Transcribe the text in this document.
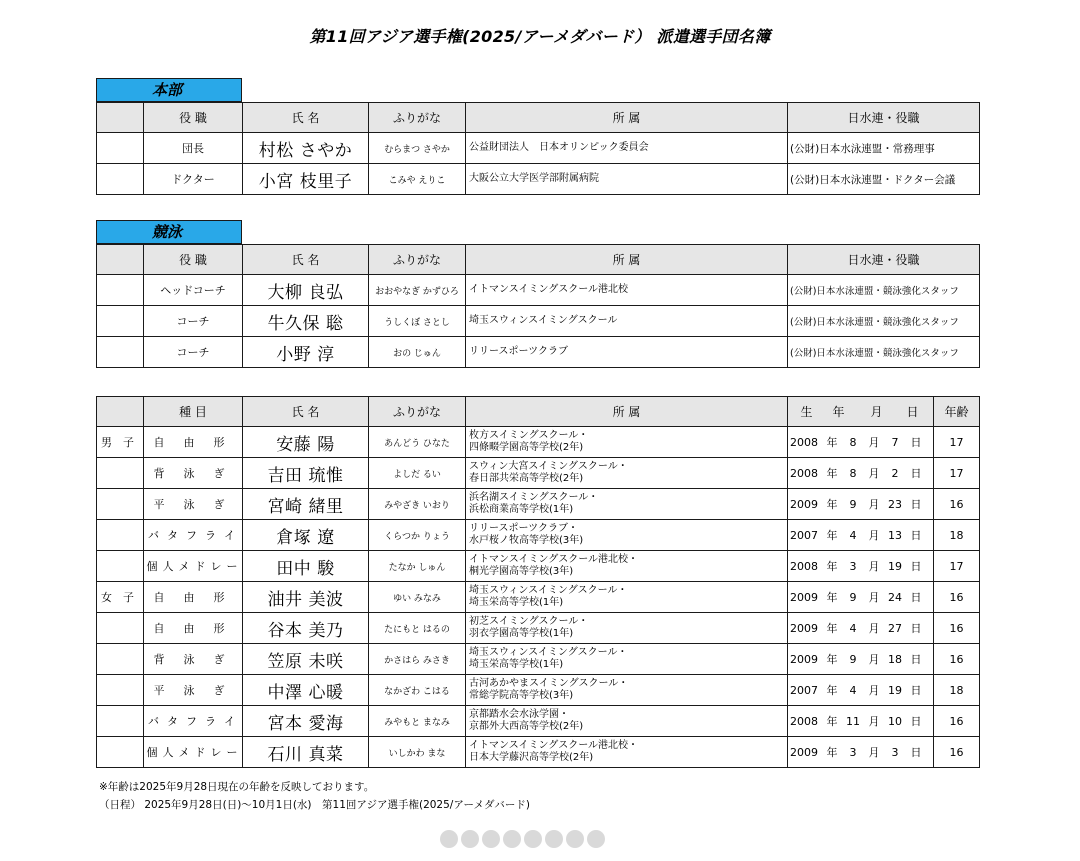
第11回アジア選手権(2025/アーメダバード） 派遣選手団名簿
本部
	役 職	氏 名	ふりがな	所 属	日水連・役職
	団長	村松 さやか	むらまつ さやか	公益財団法人　日本オリンピック委員会	(公財)日本水泳連盟・常務理事
	ドクター	小宮 枝里子	こみや えりこ	大阪公立大学医学部附属病院	(公財)日本水泳連盟・ドクター会議
競泳
	役 職	氏 名	ふりがな	所 属	日水連・役職
	ヘッドコーチ	大柳 良弘	おおやなぎ かずひろ	イトマンスイミングスクール港北校	(公財)日本水泳連盟・競泳強化スタッフ
	コーチ	牛久保 聡	うしくぼ さとし	埼玉スウィンスイミングスクール	(公財)日本水泳連盟・競泳強化スタッフ
	コーチ	小野 淳	おの じゅん	リリースポーツクラブ	(公財)日本水泳連盟・競泳強化スタッフ
	種 目	氏 名	ふりがな	所 属	生 年 月 日	年齢
男　 子	自 由 形	安藤 陽	あんどう ひなた	枚方スイミングスクール・
四條畷学園高等学校(2年)	2008 年 8 月 7 日	17
　	背 泳 ぎ	吉田 琉惟	よしだ るい	スウィン大宮スイミングスクール・
春日部共栄高等学校(2年)	2008 年 8 月 2 日	17
　	平 泳 ぎ	宮崎 緒里	みやざき いおり	浜名湖スイミングスクール・
浜松商業高等学校(1年)	2009 年 9 月 23 日	16
　	バ タ フ ラ イ	倉塚 遼	くらつか りょう	リリースポーツクラブ・
水戸桜ノ牧高等学校(3年)	2007 年 4 月 13 日	18
　	個 人 メ ド レ ー	田中 駿	たなか しゅん	イトマンスイミングスクール港北校・
桐光学園高等学校(3年)	2008 年 3 月 19 日	17
女　 子	自 由 形	油井 美波	ゆい みなみ	埼玉スウィンスイミングスクール・
埼玉栄高等学校(1年)	2009 年 9 月 24 日	16
　	自 由 形	谷本 美乃	たにもと はるの	初芝スイミングスクール・
羽衣学園高等学校(1年)	2009 年 4 月 27 日	16
　	背 泳 ぎ	笠原 未咲	かさはら みさき	埼玉スウィンスイミングスクール・
埼玉栄高等学校(1年)	2009 年 9 月 18 日	16
　	平 泳 ぎ	中澤 心暖	なかざわ こはる	古河あかやまスイミングスクール・
常総学院高等学校(3年)	2007 年 4 月 19 日	18
　	バ タ フ ラ イ	宮本 愛海	みやもと まなみ	京都踏水会水泳学園・
京都外大西高等学校(2年)	2008 年 11 月 10 日	16
　	個 人 メ ド レ ー	石川 真菜	いしかわ まな	イトマンスイミングスクール港北校・
日本大学藤沢高等学校(2年)	2009 年 3 月 3 日	16
※年齢は2025年9月28日現在の年齢を反映しております。
（日程） 2025年9月28日(日)～10月1日(水)　第11回アジア選手権(2025/アーメダバード)
